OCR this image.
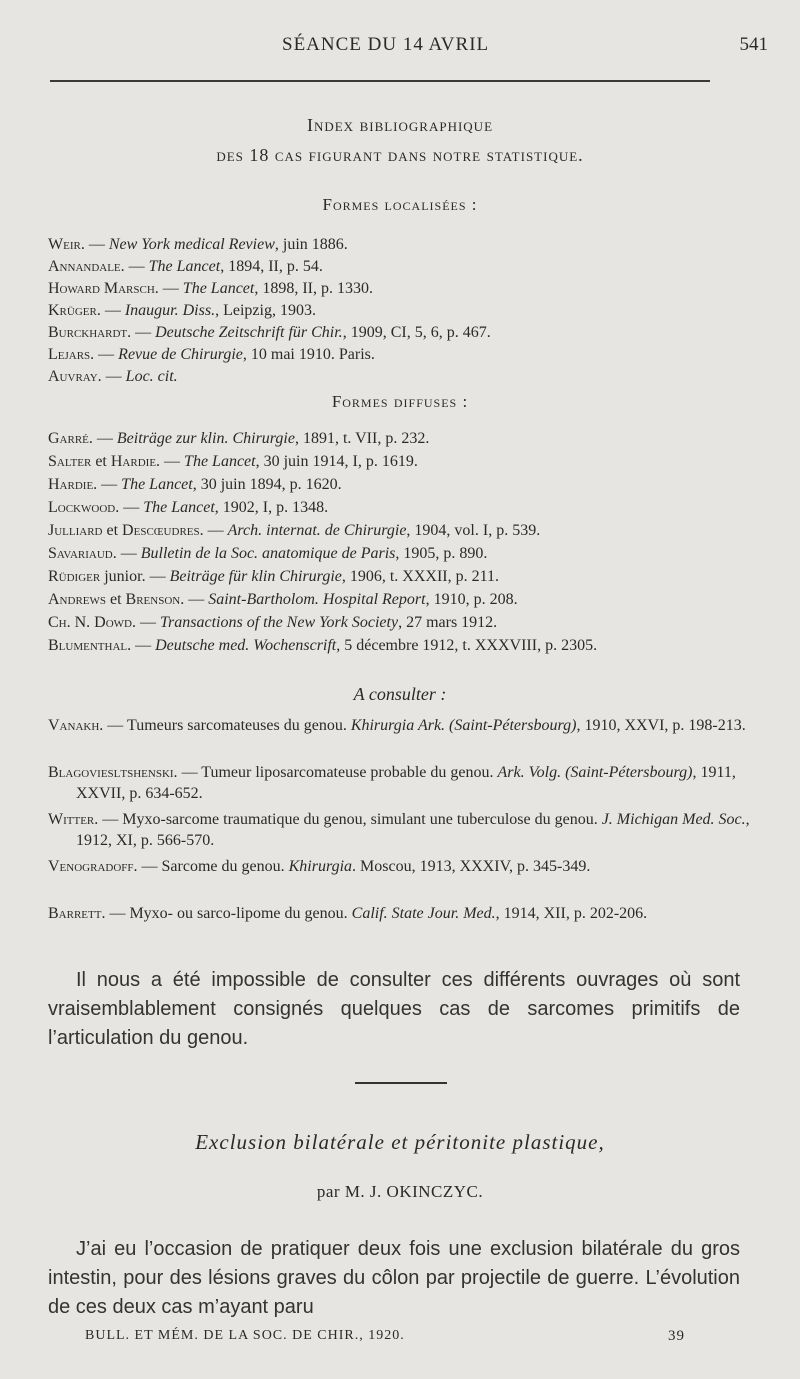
SÉANCE DU 14 AVRIL	541
Index bibliographique
des 18 cas figurant dans notre statistique.
Formes localisées :
Weir. — New York medical Review, juin 1886.
Annandale. — The Lancet, 1894, II, p. 54.
Howard Marsch. — The Lancet, 1898, II, p. 1330.
Krüger. — Inaugur. Diss., Leipzig, 1903.
Burckhardt. — Deutsche Zeitschrift für Chir., 1909, CI, 5, 6, p. 467.
Lejars. — Revue de Chirurgie, 10 mai 1910. Paris.
Auvray. — Loc. cit.
Formes diffuses :
Garré. — Beiträge zur klin. Chirurgie, 1891, t. VII, p. 232.
Salter et Hardie. — The Lancet, 30 juin 1914, I, p. 1619.
Hardie. — The Lancet, 30 juin 1894, p. 1620.
Lockwood. — The Lancet, 1902, I, p. 1348.
Julliard et Descœudres. — Arch. internat. de Chirurgie, 1904, vol. I, p. 539.
Savariaud. — Bulletin de la Soc. anatomique de Paris, 1905, p. 890.
Rüdiger junior. — Beiträge für klin Chirurgie, 1906, t. XXXII, p. 211.
Andrews et Brenson. — Saint-Bartholom. Hospital Report, 1910, p. 208.
Ch. N. Dowd. — Transactions of the New York Society, 27 mars 1912.
Blumenthal. — Deutsche med. Wochenscrift, 5 décembre 1912, t. XXXVIII, p. 2305.
A consulter :
Vanakh. — Tumeurs sarcomateuses du genou. Khirurgia Ark. (Saint-Pétersbourg), 1910, XXVI, p. 198-213.
Blagovieslтshenski. — Tumeur liposarcomateuse probable du genou. Ark. Volg. (Saint-Pétersbourg), 1911, XXVII, p. 634-652.
Witter. — Myxo-sarcome traumatique du genou, simulant une tuberculose du genou. J. Michigan Med. Soc., 1912, XI, p. 566-570.
Venogradoff. — Sarcome du genou. Khirurgia. Moscou, 1913, XXXIV, p. 345-349.
Barrett. — Myxo- ou sarco-lipome du genou. Calif. State Jour. Med., 1914, XII, p. 202-206.
Il nous a été impossible de consulter ces différents ouvrages où sont vraisemblablement consignés quelques cas de sarcomes primitifs de l’articulation du genou.
Exclusion bilatérale et péritonite plastique,
par M. J. OKINCZYC.
J’ai eu l’occasion de pratiquer deux fois une exclusion bilatérale du gros intestin, pour des lésions graves du côlon par projectile de guerre. L’évolution de ces deux cas m’ayant paru
BULL. ET MÉM. DE LA SOC. DE CHIR., 1920.	39
